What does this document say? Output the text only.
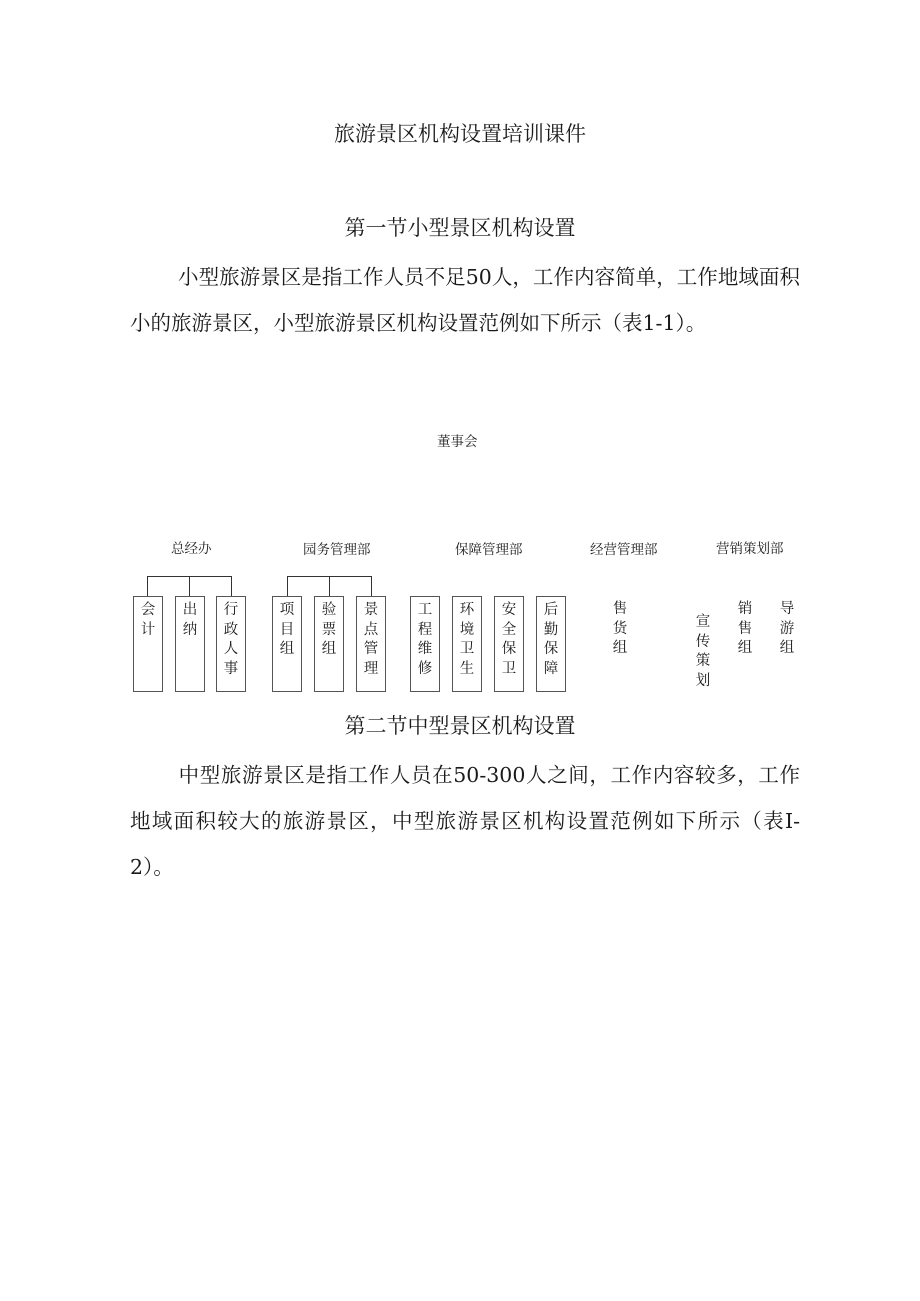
旅游景区机构设置培训课件
第一节小型景区机构设置
小型旅游景区是指工作人员不足50人，工作内容简单，工作地域面积小的旅游景区，小型旅游景区机构设置范例如下所示（表1-1）。
董事会
总经办	园务管理部	保障管理部	经营管理部	营销策划部
会计
出纳
行政人事
项目组
验票组
景点管理
工程维修
环境卫生
安全保卫
后勤保障
售货组
宣传策划
销售组
导游组
第二节中型景区机构设置
中型旅游景区是指工作人员在50-300人之间，工作内容较多，工作地域面积较大的旅游景区，中型旅游景区机构设置范例如下所示（表I-2）。
